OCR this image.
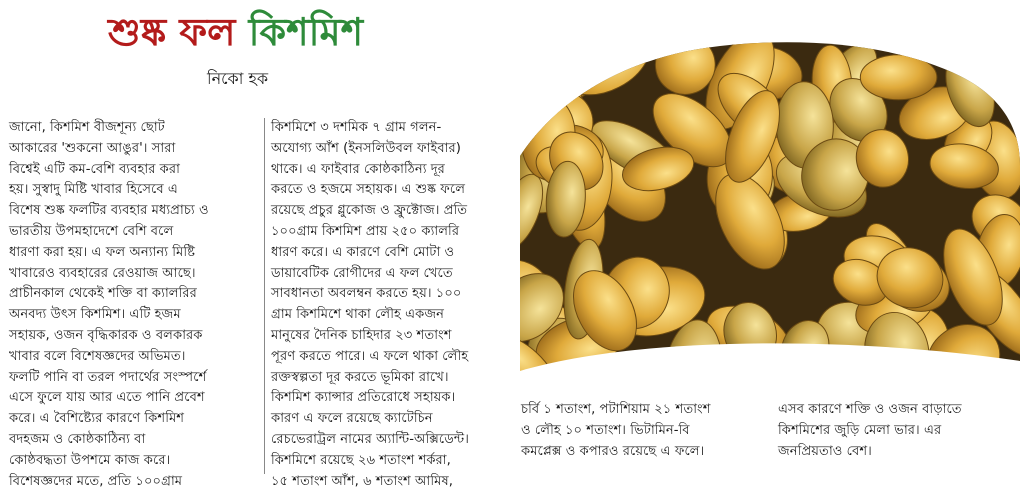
শুষ্ক ফল কিশমিশ
নিকো হক
জানো, কিশমিশ বীজশূন্য ছোট
আকারের 'শুকনো আঙুর'। সারা
বিশ্বেই এটি কম-বেশি ব্যবহার করা
হয়। সুস্বাদু মিষ্টি খাবার হিসেবে এ
বিশেষ শুষ্ক ফলটির ব্যবহার মধ্যপ্রাচ্য ও
ভারতীয় উপমহাদেশে বেশি বলে
ধারণা করা হয়। এ ফল অন্যান্য মিষ্টি
খাবারেও ব্যবহারের রেওয়াজ আছে।
প্রাচীনকাল থেকেই শক্তি বা ক্যালরির
অনবদ্য উৎস কিশমিশ। এটি হজম
সহায়ক, ওজন বৃদ্ধিকারক ও বলকারক
খাবার বলে বিশেষজ্ঞদের অভিমত।
ফলটি পানি বা তরল পদার্থের সংস্পর্শে
এসে ফুলে যায় আর এতে পানি প্রবেশ
করে। এ বৈশিষ্ট্যের কারণে কিশমিশ
বদহজম ও কোষ্ঠকাঠিন্য বা
কোষ্ঠবদ্ধতা উপশমে কাজ করে।
বিশেষজ্ঞদের মতে, প্রতি ১০০গ্রাম
কিশমিশে ৩ দশমিক ৭ গ্রাম গলন-
অযোগ্য আঁশ (ইনসলিউবল ফাইবার)
থাকে। এ ফাইবার কোষ্ঠকাঠিন্য দূর
করতে ও হজমে সহায়ক। এ শুষ্ক ফলে
রয়েছে প্রচুর গ্লুকোজ ও ফ্রুক্টোজ। প্রতি
১০০গ্রাম কিশমিশ প্রায় ২৫০ ক্যালরি
ধারণ করে। এ কারণে বেশি মোটা ও
ডায়াবেটিক রোগীদের এ ফল খেতে
সাবধানতা অবলম্বন করতে হয়। ১০০
গ্রাম কিশমিশে থাকা লৌহ একজন
মানুষের দৈনিক চাহিদার ২৩ শতাংশ
পূরণ করতে পারে। এ ফলে থাকা লৌহ
রক্তস্বল্পতা দূর করতে ভূমিকা রাখে।
কিশমিশ ক্যান্সার প্রতিরোধে সহায়ক।
কারণ এ ফলে রয়েছে ক্যাটেচিন
রেচভেরাট্রল নামের অ্যান্টি-অক্সিডেন্ট।
কিশমিশে রয়েছে ২৬ শতাংশ শর্করা,
১৫ শতাংশ আঁশ, ৬ শতাংশ আমিষ,
চর্বি ১ শতাংশ, পটাশিয়াম ২১ শতাংশ
ও লৌহ ১০ শতাংশ। ভিটামিন-বি
কমপ্লেক্স ও কপারও রয়েছে এ ফলে।
এসব কারণে শক্তি ও ওজন বাড়াতে
কিশমিশের জুড়ি মেলা ভার। এর
জনপ্রিয়তাও বেশ।
